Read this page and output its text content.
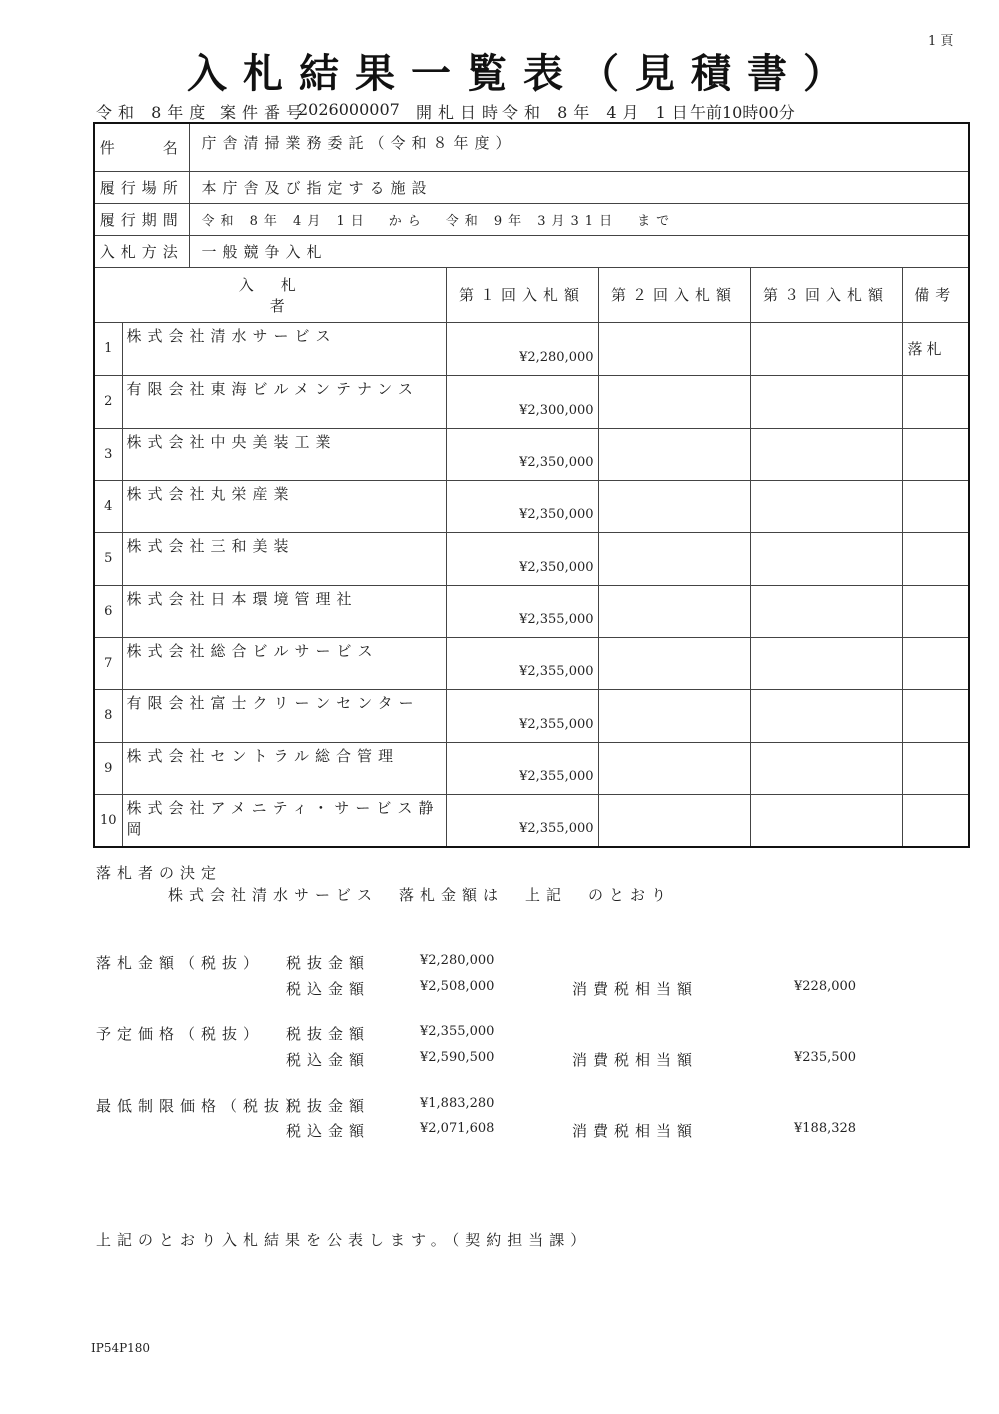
1 頁
入札結果一覧表（見積書）
令和 8年度 案件番号
2026000007 開札日時
令和 8年 4月 1日
午前10時00分
件　　名		庁舎清掃業務委託（令和８年度）				
履行場所		本庁舎及び指定する施設				
履行期間		令和 8年 4月 1日　から　令和 9年 3月31日　まで				
入札方法		一般競争入札				

入　札
者			第１回入札額	第２回入札額	第３回入札額	備考
1	株式会社清水サービス		¥2,280,000			落札
2	有限会社東海ビルメンテナンス		¥2,300,000			
3	株式会社中央美装工業		¥2,350,000			
4	株式会社丸栄産業		¥2,350,000			
5	株式会社三和美装		¥2,350,000			
6	株式会社日本環境管理社		¥2,355,000			
7	株式会社総合ビルサービス		¥2,355,000			
8	有限会社富士クリーンセンター		¥2,355,000			
9	株式会社セントラル総合管理		¥2,355,000			
10	株式会社アメニティ・サービス静岡		¥2,355,000			
落札者の決定
株式会社清水サービス　落札金額は　上記　のとおり
落札金額（税抜） 税抜金額	¥2,280,000
税込金額	¥2,508,000	消費税相当額	¥228,000
予定価格（税抜） 税抜金額	¥2,355,000
税込金額	¥2,590,500	消費税相当額	¥235,500
最低制限価格（税抜）
税抜金額	¥1,883,280
税込金額	¥2,071,608	消費税相当額	¥188,328
上記のとおり入札結果を公表します。（契約担当課）
IP54P180
